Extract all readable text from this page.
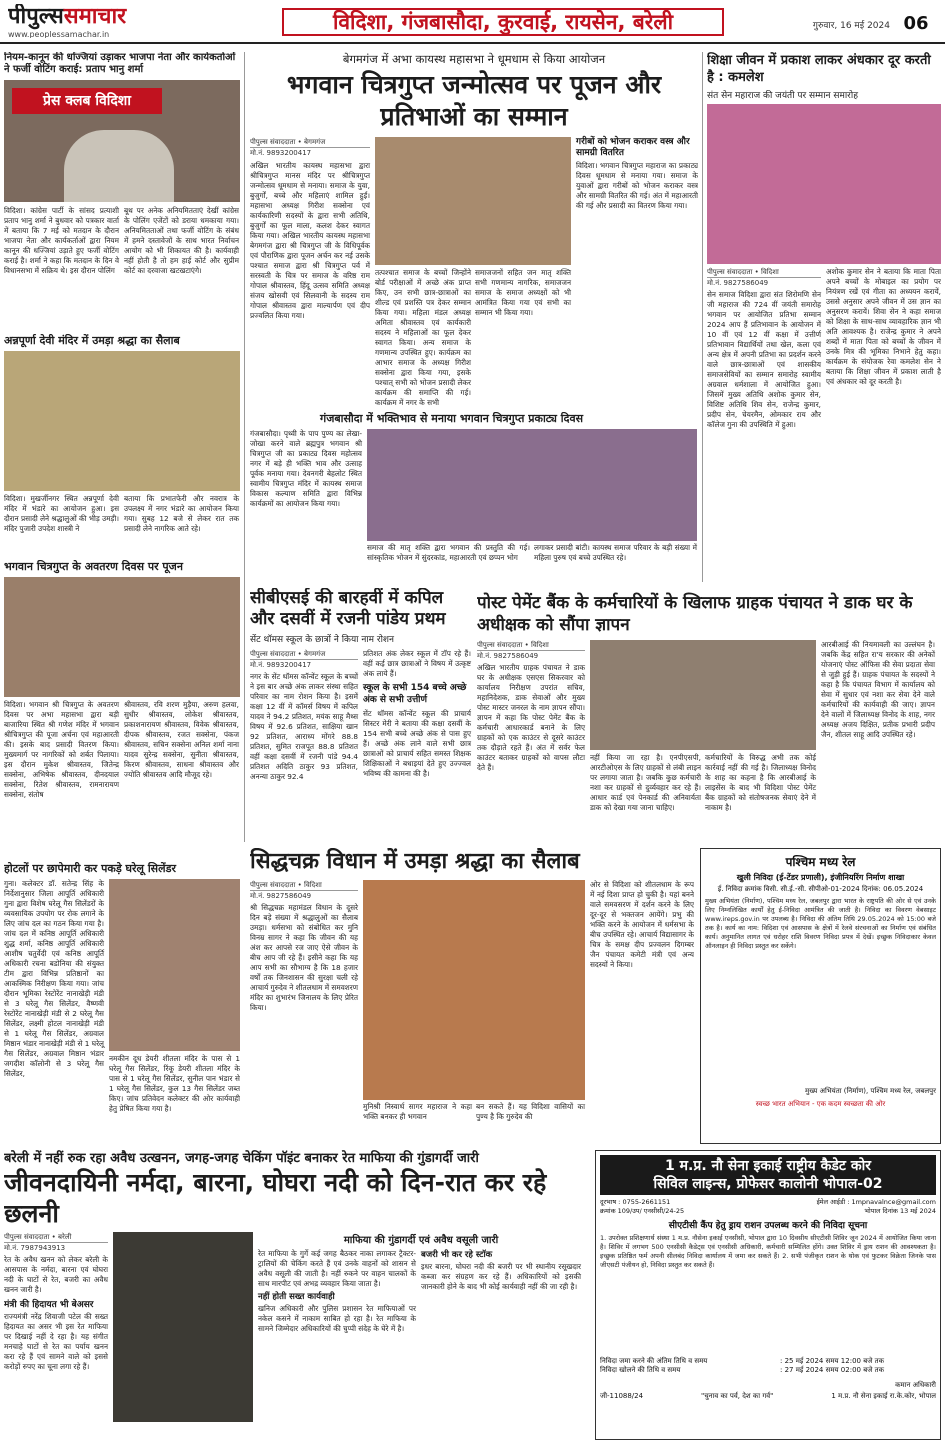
पीपुल्ससमाचार
www.peoplessamachar.in
विदिशा, गंजबासौदा, कुरवाई, रायसेन, बरेली	गुरुवार, 16 मई 2024 06
नियम-कानून की धज्जियां उड़ाकर भाजपा नेता और कार्यकर्ताओं ने फर्जी वोटिंग कराई: प्रताप भानु शर्मा
प्रेस क्लब विदिशा
विदिशा। कांग्रेस पार्टी के सांसद प्रत्याशी प्रताप भानु शर्मा ने बुधवार को पत्रकार वार्ता में बताया कि 7 मई को मतदान के दौरान भाजपा नेता और कार्यकर्ताओं द्वारा नियम कानून की धज्जियां उड़ाते हुए फर्जी वोटिंग कराई है। शर्मा ने कहा कि मतदान के दिन वे विधानसभा में सक्रिय थे। इस दौरान पोलिंग
बूथ पर अनेक अनियमितताएं देखीं कांग्रेस के पोलिंग एजेंटों को डराया धमकाया गया। अनियमितताओं तथा फर्जी वोटिंग के संबंध में हमने दस्तावेजों के साथ भारत निर्वाचन आयोग को भी शिकायत की है। कार्यवाही नहीं होती है तो हम हाई कोर्ट और सुप्रीम कोर्ट का दरवाजा खटखटाएंगे।
अन्नपूर्णा देवी मंदिर में उमड़ा श्रद्धा का सैलाब
विदिशा। मुखर्जीनगर स्थित अन्नपूर्णा देवी मंदिर में भंडारे का आयोजन हुआ। इस दौरान प्रसादी लेने श्रद्धालुओं की भीड़ उमड़ी। मंदिर पुजारी उपदेश शास्त्री ने
बताया कि प्रभातफेरी और नवरात्र के उपलक्ष्य में नगर भंडारे का आयोजन किया गया। सुबह 12 बजे से लेकर रात तक प्रसादी लेने नागरिक आते रहे।
भगवान चित्रगुप्त के अवतरण दिवस पर पूजन
विदिशा। भगवान श्री चित्रगुप्त के अवतरण दिवस पर अभा महासभा द्वारा बड़ी बाजारिया स्थित श्री गणेश मंदिर में भगवान श्रीचित्रगुप्त की पूजा अर्चना एवं महाआरती की। इसके बाद प्रसादी वितरण किया। मुख्यमार्ग पर नागरिकों को शर्बत पिलाया। इस दौरान मुकेश श्रीवास्तव, जितेन्द्र सक्सेना, अभिषेक श्रीवास्तव, दीनदयाल सक्सेना, रितेश श्रीवास्तव, रामनारायण सक्सेना, संतोष
श्रीवास्तव, रवि शरण मुड़ैया, अरुण हलवा, सुधीर श्रीवास्तव, लोकेश श्रीवास्तव, प्रकाशनारायण श्रीवास्तव, विवेक श्रीवास्तव, दीपक श्रीवास्तव, रजत सक्सेना, पंकज श्रीवास्तव, सचिन सक्सेना अनिल शर्मा नाना यादव सुरेन्द्र सक्सेना, सुनीता श्रीवास्तव, किरण श्रीवास्तव, साधना श्रीवास्तव और ज्योति श्रीवास्तव आदि मौजूद रहे।
होटलों पर छापेमारी कर पकड़े घरेलू सिलेंडर
गुना। कलेक्टर डॉ. सतेन्द्र सिंह के निर्देशानुसार जिला आपूर्ति अधिकारी गुना द्वारा विशेष घरेलू गैस सिलेंडरों के व्यवसायिक उपयोग पर रोक लगाने के लिए जांच दल का गठन किया गया है। जांच दल में कनिष्ठ आपूर्ति अधिकारी शुद्ध शर्मा, कनिष्ठ आपूर्ति अधिकारी आशीष चतुर्वेदी एवं कनिष्ठ आपूर्ति अधिकारी रचना बडोनिया की संयुक्त टीम द्वारा विभिन्न प्रतिष्ठानों का आकस्मिक निरीक्षण किया गया। जांच दौरान भूमिका रेस्टोरेंट नानाखेड़ी मंडी से 3 घरेलू गैस सिलेंडर, वैष्णवी रेस्टोरेंट नानाखेड़ी मंडी से 2 घरेलू गैस सिलेंडर, लक्ष्मी होटल नानाखेड़ी मंडी से 1 घरेलू गैस सिलेंडर, अग्रवाल मिष्ठान भंडार नानाखेड़ी मंडी से 1 घरेलू गैस सिलेंडर, अग्रवाल मिष्ठान भंडार जगदीश कॉलोनी से 3 घरेलू गैस सिलेंडर,
नमकीन दूध डेयरी शीतला मंदिर के पास से 1 घरेलू गैस सिलेंडर, रिंकू डेयरी शीतला मंदिर के पास से 1 घरेलू गैस सिलेंडर, सुनील पान भंडार से 1 घरेलू गैस सिलेंडर, कुल 13 गैस सिलेंडर जब्त किए। जांच प्रतिवेदन कलेक्टर की ओर कार्यवाही हेतु प्रेषित किया गया है।
बेगमगंज में अभा कायस्थ महासभा ने धूमधाम से किया आयोजन
भगवान चित्रगुप्त जन्मोत्सव पर पूजन और प्रतिभाओं का सम्मान
पीपुल्स संवाददाता • बेगमगंज
मो.नं. 9893200417
अखिल भारतीय कायस्थ महासभा द्वारा श्रीचित्रगुप्त मानस मंदिर पर श्रीचित्रगुप्त जन्मोत्सव धूमधाम से मनाया। समाज के युवा, बुजुर्गों, बच्चे और महिलाएं शामिल हुईं। महासभा अध्यक्ष गिरीश सक्सेना एवं कार्यकारिणी सदस्यों के द्वारा सभी अतिथि, बुजुर्गों का फूल माला, कलश देकर स्वागत किया गया। अखिल भारतीय कायस्थ महासभा बेगमगंज द्वारा श्री चित्रगुप्त जी के विधिपूर्वक एवं पौराणिक द्वारा पूजन अर्चन कर नई उसके पश्चात समाज द्वारा श्री चित्रगुप्त पर्व में सरस्वती के चित्र पर समाज के वरिष्ठ राम गोपाल श्रीवास्तव, हिंदू उत्सव समिति अध्यक्ष संजय खोसवी एवं सिलवानी के सदस्य राम गोपाल श्रीवास्तव द्वारा माल्यार्पण एवं दीप प्रज्वलित किया गया।
तत्पश्चात समाज के बच्चों जिन्होंने बोर्ड परीक्षाओं में अच्छे अंक प्राप्त किए, उन सभी छात्र-छात्राओं का शील्ड एवं प्रशस्ति पत्र देकर सम्मान किया गया। महिला मंडल अध्यक्ष अमिता श्रीवास्तव एवं कार्यकारी सदस्य ने महिलाओं का फूल देकर स्वागत किया। अन्य समाज के गणमान्य उपस्थित हुए। कार्यक्रम का आभार समाज के अध्यक्ष गिरीश सक्सेना द्वारा किया गया, इसके पश्चात् सभी को भोजन प्रसादी लेकर कार्यक्रम की समाप्ति की गई। कार्यक्रम में नगर के सभी
समाजजनों सहित जन मातृ शक्ति सभी गणमान्य नागरिक, समाजजन समाज के समाज अध्यक्षों को भी आमंत्रित किया गया एवं सभी का सम्मान भी किया गया।
गरीबों को भोजन कराकर वस्त्र और सामग्री वितरित
विदिशा। भगवान चित्रगुप्त महाराज का प्रकाट्य दिवस धूमधाम से मनाया गया। समाज के युवाओं द्वारा गरीबों को भोजन कराकर वस्त्र और सामग्री वितरित की गई। अंत में महाआरती की गई और प्रसादी का वितरण किया गया।
गंजबासौदा में भक्तिभाव से मनाया भगवान चित्रगुप्त प्रकाट्य दिवस
गंजबासौदा। पृथ्वी के पाप पुण्य का लेखा-जोखा करने वाले ब्रह्मपुत्र भगवान श्री चित्रगुप्त जी का प्रकाट्य दिवस महोत्सव नगर में बड़े ही भक्ति भाव और उत्साह पूर्वक मनाया गया। देवनगरी बेहलोट स्थित स्वामीय चित्रगुप्त मंदिर में कायस्थ समाज विकास कल्याण समिति द्वारा विभिन्न कार्यक्रमों का आयोजन किया गया।
समाज की मातृ शक्ति द्वारा भगवान की प्रस्तुति की गई। सांस्कृतिक भोजन में सुंदरकांड, महाआरती एवं छप्पन भोग
लगाकर प्रसादी बांटी। कायस्थ समाज परिवार के बड़ी संख्या में महिला पुरुष एवं बच्चे उपस्थित रहे।
शिक्षा जीवन में प्रकाश लाकर अंधकार दूर करती है : कमलेश
संत सेन महाराज की जयंती पर सम्मान समारोह
पीपुल्स संवाददाता • विदिशा
मो.नं. 9827586049
सेन समाज विदिशा द्वारा संत शिरोमणि सेन जी महाराज की 724 वीं जयंती समारोह भगवान पर आयोजित प्रतिभा सम्मान 2024 आप हैं प्रतिभावान के आयोजन में 10 वीं एवं 12 वीं कक्षा में उत्तीर्ण प्रतिभावान विद्यार्थियों तथा खेल, कला एवं अन्य क्षेत्र में अपनी प्रतिभा का प्रदर्शन करने वाले छात्र-छात्राओं एवं शासकीय समाजसेवियों का सम्मान समारोह स्वामीय अग्रवाल धर्मशाला में आयोजित हुआ। जिसमें मुख्य अतिथि अशोक कुमार सेन, विशिष्ट अतिथि शिव सेन, राजेन्द्र कुमार, प्रदीप सेन, चेयरमैन, ओमकार राय और कॉलेज गुना की उपस्थिति में हुआ।
अशोक कुमार सेन ने बताया कि माता पिता अपने बच्चों के मोबाइल का प्रयोग पर नियंत्रण रखें एवं गीता का अध्ययन करायें, उससे अनुसार अपने जीवन में उस ज्ञान का अनुसरण करायें। शिवा सेन ने कहा समाज को शिक्षा के साथ-साथ व्यावहारिक ज्ञान भी अति आवश्यक है। राजेन्द्र कुमार ने अपने शब्दों में माता पिता को बच्चों के जीवन में उनके मित्र की भूमिका निभाने हेतु कहा। कार्यक्रम के संयोजक रेवा कमलेश सेन ने बताया कि शिक्षा जीवन में प्रकाश लाती है एवं अंधकार को दूर करती है।
सीबीएसई की बारहवीं में कपिल और दसवीं में रजनी पांडेय प्रथम
सेंट थॉमस स्कूल के छात्रों ने किया नाम रोशन
पीपुल्स संवाददाता • बेगमगंज
मो.नं. 9893200417
नगर के सेंट थॉमस कॉन्वेंट स्कूल के बच्चों ने इस बार अच्छे अंक लाकर संस्था सहित परिवार का नाम रोशन किया है। इसमें कक्षा 12 वीं में कॉमर्स विषय में कपिल यादव ने 94.2 प्रतिशत, मयंक साहू मैथ्स विषय में 92.6 प्रतिशत, साक्षिया खान 92 प्रतिशत, आराध्य मोंगरे 88.8 प्रतिशत, सुमित राजपूत 88.8 प्रतिशत वहीं कक्षा दसवीं में रजनी पांडे 94.4 प्रतिशत अदिति ठाकुर 93 प्रतिशत, अनन्या ठाकुर 92.4
प्रतिशत अंक लेकर स्कूल में टॉप रहे हैं। वहीं कई छात्र छात्राओं ने विषय में उत्कृष्ट अंक लाये हैं।
स्कूल के सभी 154 बच्चे अच्छे अंक से सभी उत्तीर्ण
सेंट थॉमस कॉन्वेंट स्कूल की प्राचार्य सिस्टर मेरी ने बताया की कक्षा दसवीं के 154 सभी बच्चे अच्छे अंक से पास हुए हैं। अच्छे अंक लाने वाले सभी छात्र छात्राओं को प्राचार्य सहित समस्त शिक्षक शिक्षिकाओं ने बधाइयां देते हुए उज्ज्वल भविष्य की कामना की है।
पोस्ट पेमेंट बैंक के कर्मचारियों के खिलाफ ग्राहक पंचायत ने डाक घर के अधीक्षक को सौंपा ज्ञापन
पीपुल्स संवाददाता • विदिशा
मो.नं. 9827586049
अखिल भारतीय ग्राहक पंचायत ने डाक घर के अधीक्षक एसएस सिकरवार को कार्यालय निरीक्षण उपरांत सचिव, महानिदेशक, डाक सेवाओं और मुख्य पोस्ट मास्टर जनरल के नाम ज्ञापन सौंपा। ज्ञापन में कहा कि पोस्ट पेमेंट बैंक के कर्मचारी आधारकार्ड बनाने के लिए ग्राहकों को एक काउंटर से दूसरे काउंटर तक दौड़ाते रहते हैं। अंत में सर्वर फेल काउंटर बताकर ग्राहकों को वापस लौटा देते हैं।
नहीं किया जा रहा है। एनपीएसपी, आरटीओएस के लिए ग्राहकों से लंबी लाइन पर लगाया जाता है। जबकि कुछ कर्मचारी नशा कर ग्राहकों से दुर्व्यवहार कर रहे हैं। आधार कार्ड एवं पेनकार्ड की अनिवार्यता डाक को देखा गया जाना चाहिए।
कर्मचारियों के विरुद्ध अभी तक कोई कार्रवाई नहीं की गई है। जिलाध्यक्ष विनोद के शाह का कहना है कि आरबीआई के लाइसेंस के बाद भी विदिशा पोस्ट पेमेंट बैंक ग्राहकों को संतोषजनक सेवाएं देने में नाकाम है।
आरबीआई की नियमावली का उल्लंघन है। जबकि केंद्र सहित रा'य सरकार की अनेकों योजनाएं पोस्ट ऑफिस की सेवा प्रदाता सेवा से जुड़ी हुई हैं। ग्राहक पंचायत के सदस्यों ने कहा है कि पंचायत विभाग में कार्यालय को सेवा में सुधार एवं नशा कर सेवा देने वाले कर्मचारियों की कार्यवाही की जाए। ज्ञापन देने वालों में जिलाध्यक्ष विनोद के शाह, नगर अध्यक्ष अजय दिक्षित, प्रतीक प्रभारी प्रदीप जैन, शीतल साहू आदि उपस्थित रहे।
सिद्धचक्र विधान में उमड़ा श्रद्धा का सैलाब
पीपुल्स संवाददाता • विदिशा
मो.नं. 9827586049
श्री सिद्धचक्र महामंडल विधान के दूसरे दिन बड़े संख्या में श्रद्धालुओं का सैलाब उमड़ा। धर्मसभा को संबोधित कर मुनि विनम्र सागर ने कहा कि जीवन की यह अंश कर आपसे रज जाए ऐसे जीवन के बीच आप जी रहे हैं। इसीने कहा कि यह आप सभी का सौभाग्य है कि 18 हजार वर्षों तक जिनशासन की सुरक्षा चली रहे आचार्य गुरुदेव ने शीतलधाम में समवशरण मंदिर का शुभारंभ जिनालय के लिए प्रेरित किया।
मुनिश्री निस्वार्थ सागर महाराज ने कहा भक्ति बनकर ही भगवान
बन सकते हैं। यह विदिशा वासियों का पुण्य है कि गुरुदेव की
ओर से विदिशा को शीतलधाम के रूप में नई दिशा प्राप्त हो चुकी है। यहां बनने वाले समवसरण में दर्शन करने के लिए दूर-दूर से भक्तजन आयेंगे। प्रभु की भक्ति करने के आयोजन में धर्मसभा के बीच उपस्थित रहे। आचार्य विद्यासागर के चित्र के समक्ष दीप प्रज्वलन दिगम्बर जैन पंचायत कमेटी मंत्री एवं अन्य सदस्यों ने किया।
पश्चिम मध्य रेल
खुली निविदा (ई-टेंडर प्रणाली), इंजीनियरिंग निर्माण शाखा
ई. निविदा क्रमांक विसी. सी.ई.-सी. सीपीओ-01-2024 दिनांक: 06.05.2024
मुख्य अभियंता (निर्माण), पश्चिम मध्य रेल, जबलपुर द्वारा भारत के राष्ट्रपति की ओर से एवं उनके लिए निम्नलिखित कार्यों हेतु ई-निविदा आमंत्रित की जाती है। निविदा का विवरण वेबसाइट www.ireps.gov.in पर उपलब्ध है। निविदा की अंतिम तिथि 29.05.2024 को 15:00 बजे तक है। कार्य का नाम: विदिशा एवं आसपास के क्षेत्रों में रेलवे संरचनाओं का निर्माण एवं संबंधित कार्य। अनुमानित लागत एवं धरोहर राशि विवरण निविदा प्रपत्र में देखें। इच्छुक निविदाकार केवल ऑनलाइन ही निविदा प्रस्तुत कर सकेंगे।
मुख्य अभियंता (निर्माण), पश्चिम मध्य रेल, जबलपुर
स्वच्छ भारत अभियान - एक कदम स्वच्छता की ओर
1 म.प्र. नौ सेना इकाई राष्ट्रीय कैडेट कोर
सिविल लाइन्स, प्रोफेसर कालोनी भोपाल-02
दूरभाष : 0755-2661151	ईमेल आईडी : 1mpnavalnce@gmail.com
क्रमांक 109/उप/ एनसीसी/24-25	भोपाल दिनांक 13 मई 2024
सीएटीसी कैंप हेतु ड्राय राशन उपलब्ध करने की निविदा सूचना
1. उपरोक्त प्रशिक्षणार्थ संस्था 1 म.प्र. नौसेना इकाई एनसीसी, भोपाल द्वारा 10 दिवसीय सीएटीसी शिविर जून 2024 में आयोजित किया जाना है। शिविर में लगभग 500 एनसीसी कैडेट्स एवं एनसीसी अधिकारी, कर्मचारी सम्मिलित होंगे। उक्त शिविर में ड्राय राशन की आवश्यकता है। इच्छुक प्रतिष्ठित फर्म अपनी सीलबंद निविदा कार्यालय में जमा कर सकते हैं। 2. सभी पंजीकृत राशन के थोक एवं फुटकर विक्रेता जिनके पास जीएसटी पंजीयन हो, निविदा प्रस्तुत कर सकते हैं।
निविदा जमा करने की अंतिम तिथि व समय	: 25 मई 2024 समय 12:00 बजे तक
निविदा खोलने की तिथि व समय	: 27 मई 2024 समय 02:00 बजे तक
कमान अधिकारी
जी-11088/24	"चुनाव का पर्व, देश का गर्व"	1 म.प्र. नौ सेना इकाई रा.के.कोर, भोपाल
बरेली में नहीं रुक रहा अवैध उत्खनन, जगह-जगह चेकिंग पॉइंट बनाकर रेत माफिया की गुंडागर्दी जारी
जीवनदायिनी नर्मदा, बारना, घोघरा नदी को दिन-रात कर रहे छलनी
पीपुल्स संवाददाता • बरेली
मो.नं. 7987943913
रेत के अवैध खनन को लेकर बरेली के आसपास के नर्मदा, बारना एवं घोघरा नदी के घाटों से रेत, बजरी का अवैध खनन जारी है।
मंत्री की हिदायत भी बेअसर
राज्यमंत्री नरेंद्र शिवाजी पटेल की सख्त हिदायत का असर भी इस रेत माफिया पर दिखाई नहीं दे रहा है। यह संगीत मनचाहे घाटों से रेत का पर्याय खनन करा रहे हैं एवं सामने वाले को इससे करोड़ों रुपए का चूना लगा रहे हैं।
माफिया की गुंडागर्दी एवं अवैध वसूली जारी
रेत माफिया के गुर्गे कई जगह बैठकर नाका लगाकर ट्रैक्टर-ट्रालियों की चेकिंग करते हैं एवं उनके वाहनों को शासन से अवैध वसूली की जाती है। नहीं रुकने पर वाहन चालकों के साथ मारपीट एवं अभद्र व्यवहार किया जाता है।
नहीं होती सख्त कार्यवाही
खनिज अधिकारी और पुलिस प्रशासन रेत माफियाओं पर नकेल कसने में नाकाम साबित हो रहा है। रेत माफिया के सामने जिम्मेदार अधिकारियों की चुप्पी संदेह के घेरे में है।
बजरी भी कर रहे स्टॉक
इधर बारना, घोघरा नदी की बजरी पर भी स्थानीय रसूखदार कब्जा कर संग्रहण कर रहे हैं। अधिकारियों को इसकी जानकारी होने के बाद भी कोई कार्यवाही नहीं की जा रही है।
